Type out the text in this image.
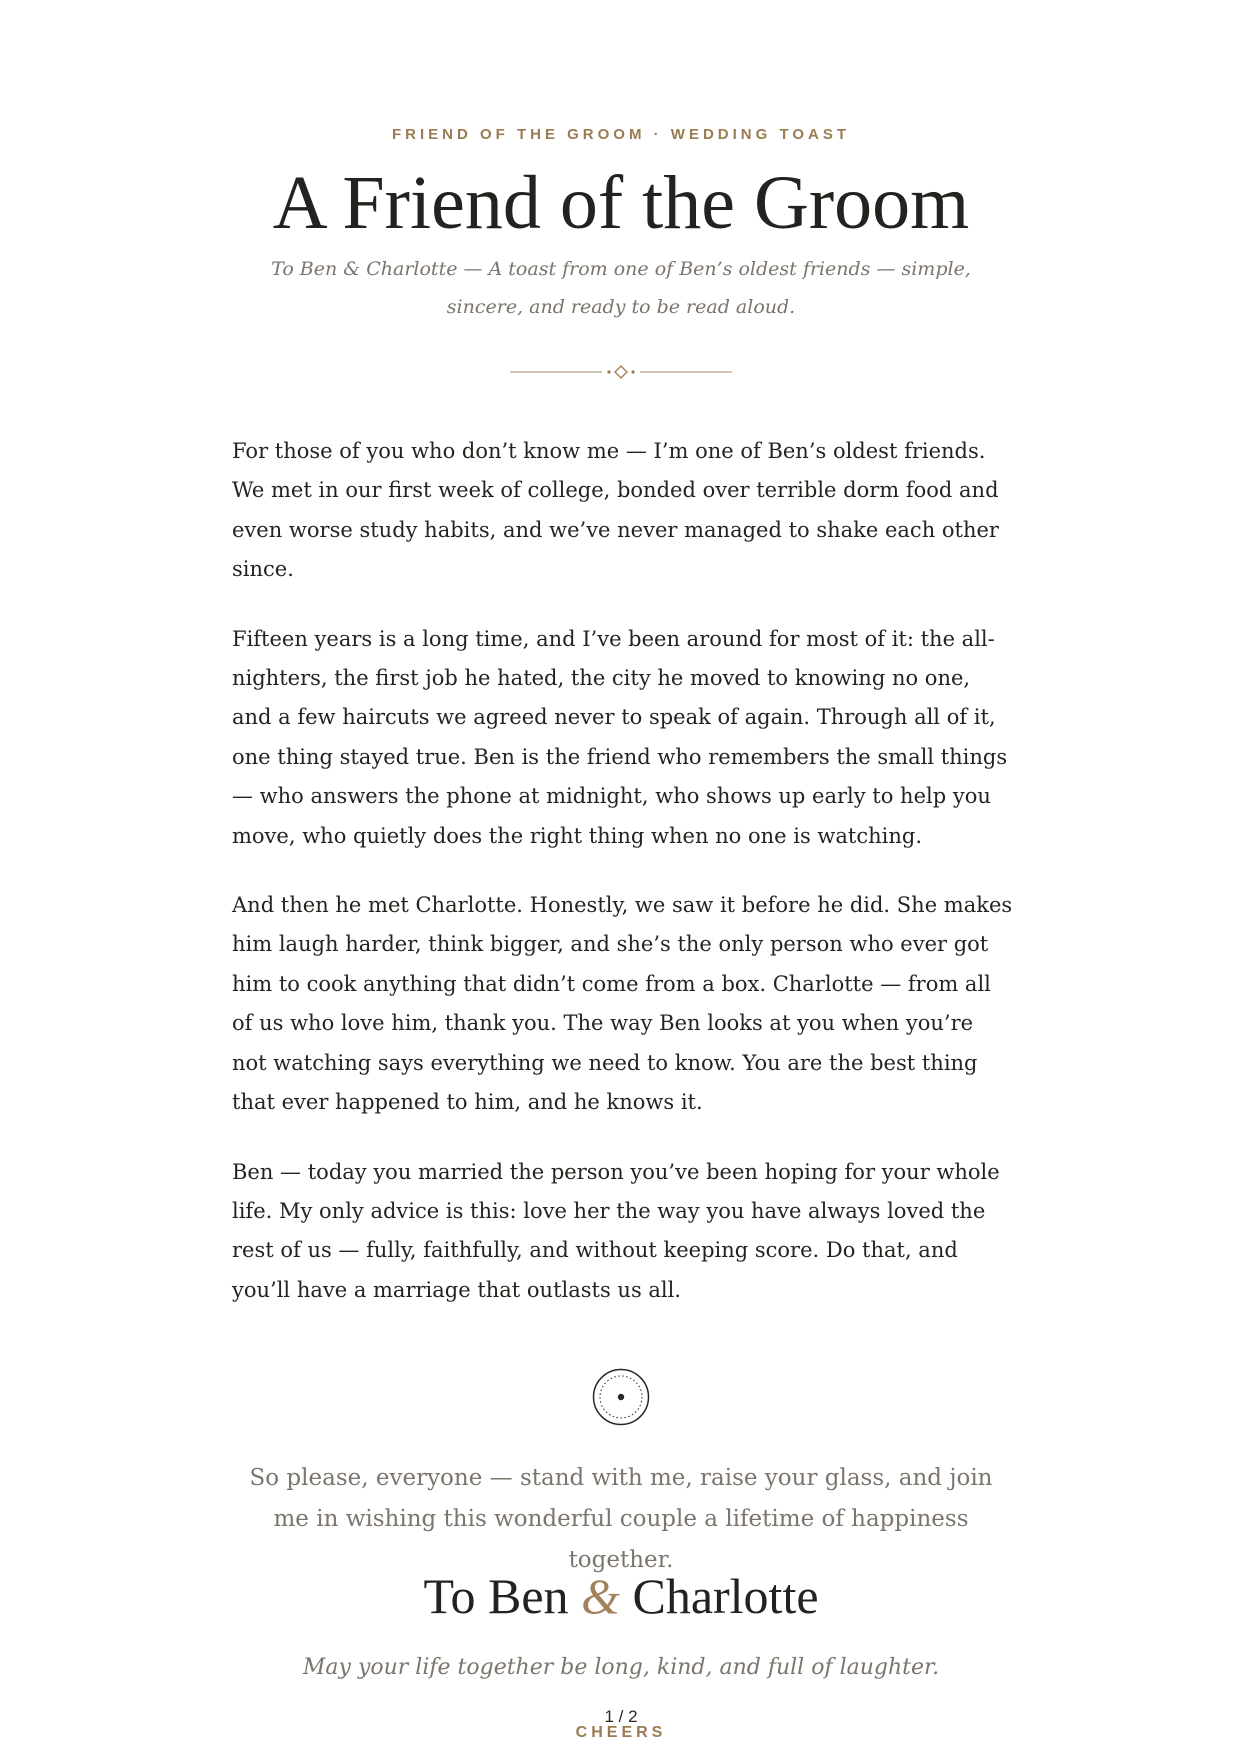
FRIEND OF THE GROOM · WEDDING TOAST
A Friend of the Groom
To Ben & Charlotte — A toast from one of Ben’s oldest friends — simple, sincere, and ready to be read aloud.

For those of you who don’t know me — I’m one of Ben’s oldest friends. We met in our first week of college, bonded over terrible dorm food and even worse study habits, and we’ve never managed to shake each other since.

Fifteen years is a long time, and I’ve been around for most of it: the all-nighters, the first job he hated, the city he moved to knowing no one, and a few haircuts we agreed never to speak of again. Through all of it, one thing stayed true. Ben is the friend who remembers the small things — who answers the phone at midnight, who shows up early to help you move, who quietly does the right thing when no one is watching.

And then he met Charlotte. Honestly, we saw it before he did. She makes him laugh harder, think bigger, and she’s the only person who ever got him to cook anything that didn’t come from a box. Charlotte — from all of us who love him, thank you. The way Ben looks at you when you’re not watching says everything we need to know. You are the best thing that ever happened to him, and he knows it.

Ben — today you married the person you’ve been hoping for your whole life. My only advice is this: love her the way you have always loved the rest of us — fully, faithfully, and without keeping score. Do that, and you’ll have a marriage that outlasts us all.

So please, everyone — stand with me, raise your glass, and join me in wishing this wonderful couple a lifetime of happiness together.
To Ben & Charlotte
May your life together be long, kind, and full of laughter.
1 / 2
CHEERS
